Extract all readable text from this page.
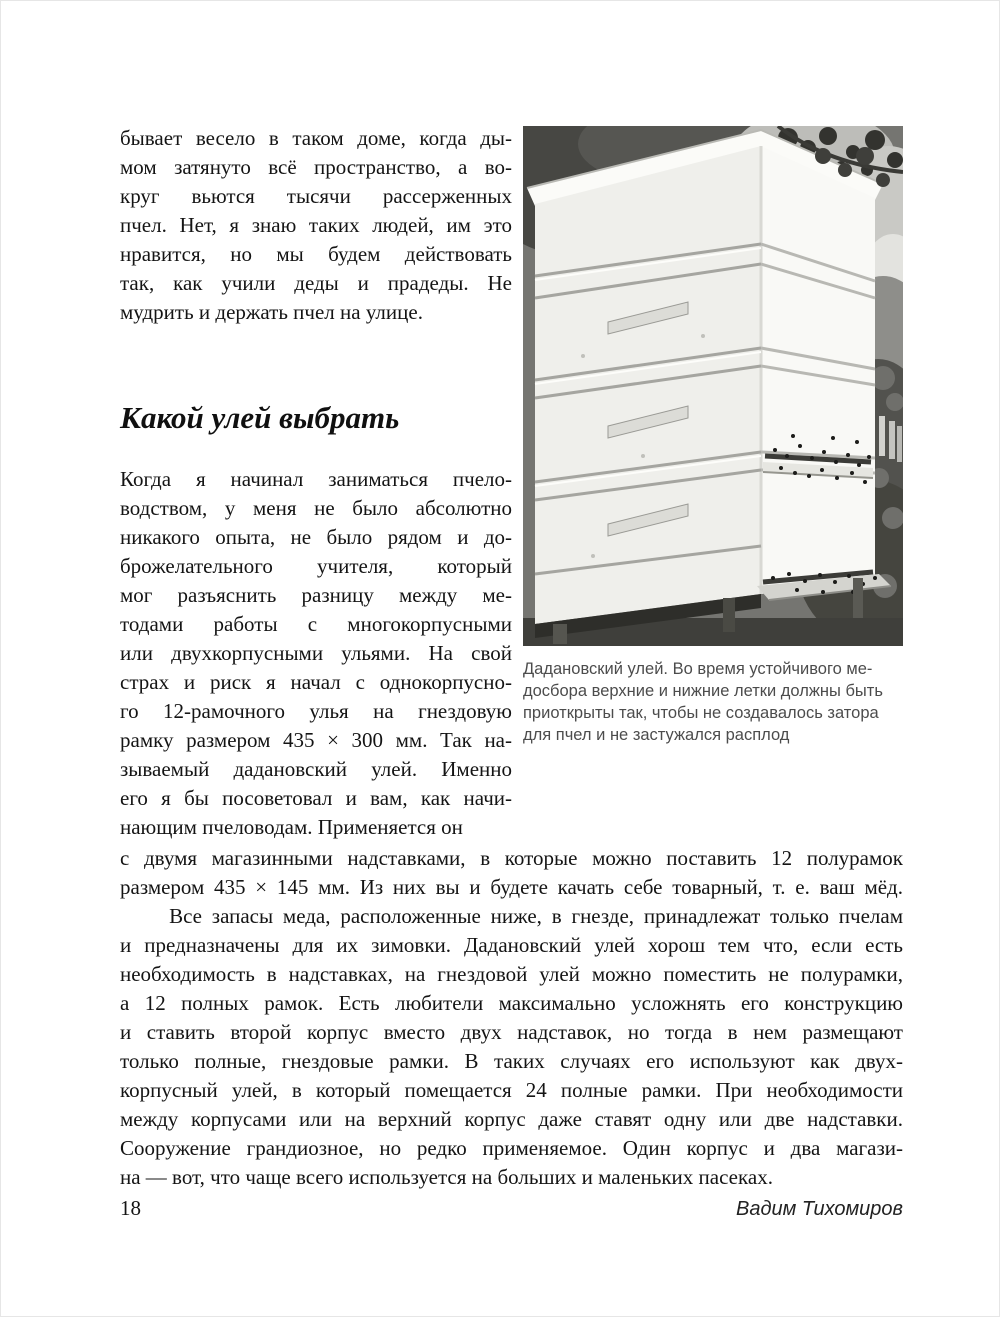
бывает весело в таком доме, когда ды-
мом затянуто всё пространство, а во-
круг вьются тысячи рассерженных
пчел. Нет, я знаю таких людей, им это
нравится, но мы будем действовать
так, как учили деды и прадеды. Не
мудрить и держать пчел на улице.
Какой улей выбрать
Когда я начинал заниматься пчело-
водством, у меня не было абсолютно
никакого опыта, не было рядом и до-
брожелательного учителя, который
мог разъяснить разницу между ме-
тодами работы с многокорпусными
или двухкорпусными ульями. На свой
страх и риск я начал с однокорпусно-
го 12-рамочного улья на гнездовую
рамку размером 435 × 300 мм. Так на-
зываемый дадановский улей. Именно
его я бы посоветовал и вам, как начи-
нающим пчеловодам. Применяется он
Дадановский улей. Во время устойчивого ме-
досбора верхние и нижние летки должны быть
приоткрыты так, чтобы не создавалось затора
для пчел и не застужался расплод
с двумя магазинными надставками, в которые можно поставить 12 полурамок
размером 435 × 145 мм. Из них вы и будете качать себе товарный, т. е. ваш мёд.
Все запасы меда, расположенные ниже, в гнезде, принадлежат только пчелам
и предназначены для их зимовки. Дадановский улей хорош тем что, если есть
необходимость в надставках, на гнездовой улей можно поместить не полурамки,
а 12 полных рамок. Есть любители максимально усложнять его конструкцию
и ставить второй корпус вместо двух надставок, но тогда в нем размещают
только полные, гнездовые рамки. В таких случаях его используют как двух-
корпусный улей, в который помещается 24 полные рамки. При необходимости
между корпусами или на верхний корпус даже ставят одну или две надставки.
Сооружение грандиозное, но редко применяемое. Один корпус и два магази-
на — вот, что чаще всего используется на больших и маленьких пасеках.
18	Вадим Тихомиров
